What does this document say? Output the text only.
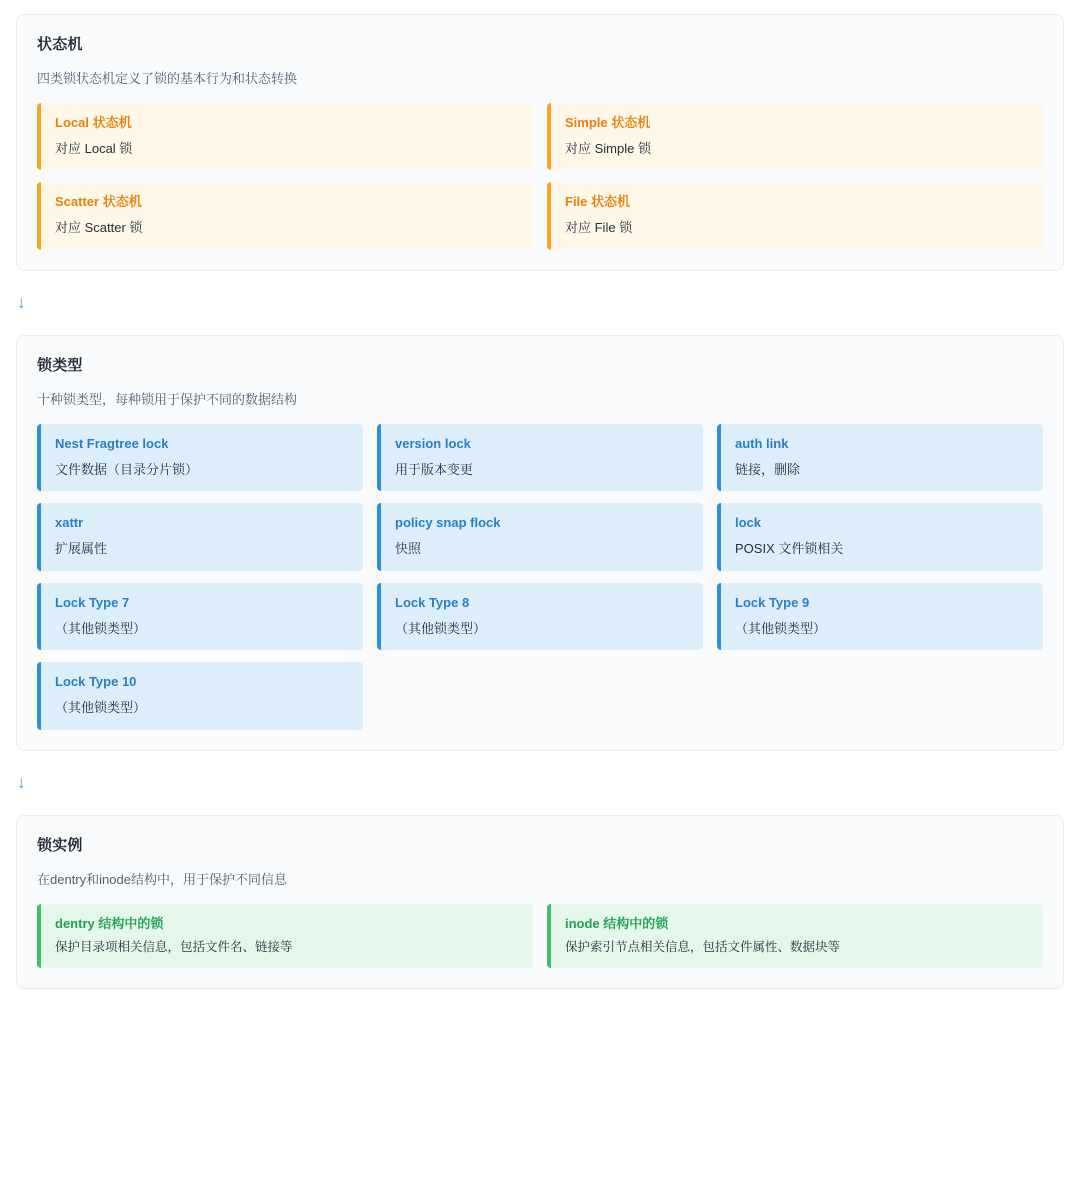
状态机
四类锁状态机定义了锁的基本行为和状态转换
Local 状态机
对应 Local 锁
Simple 状态机
对应 Simple 锁
Scatter 状态机
对应 Scatter 锁
File 状态机
对应 File 锁
↓
锁类型
十种锁类型，每种锁用于保护不同的数据结构
Nest Fragtree lock
文件数据（目录分片锁）
version lock
用于版本变更
auth link
链接，删除
xattr
扩展属性
policy snap flock
快照
lock
POSIX 文件锁相关
Lock Type 7
（其他锁类型）
Lock Type 8
（其他锁类型）
Lock Type 9
（其他锁类型）
Lock Type 10
（其他锁类型）
↓
锁实例
在dentry和inode结构中，用于保护不同信息
dentry 结构中的锁
保护目录项相关信息，包括文件名、链接等
inode 结构中的锁
保护索引节点相关信息，包括文件属性、数据块等
